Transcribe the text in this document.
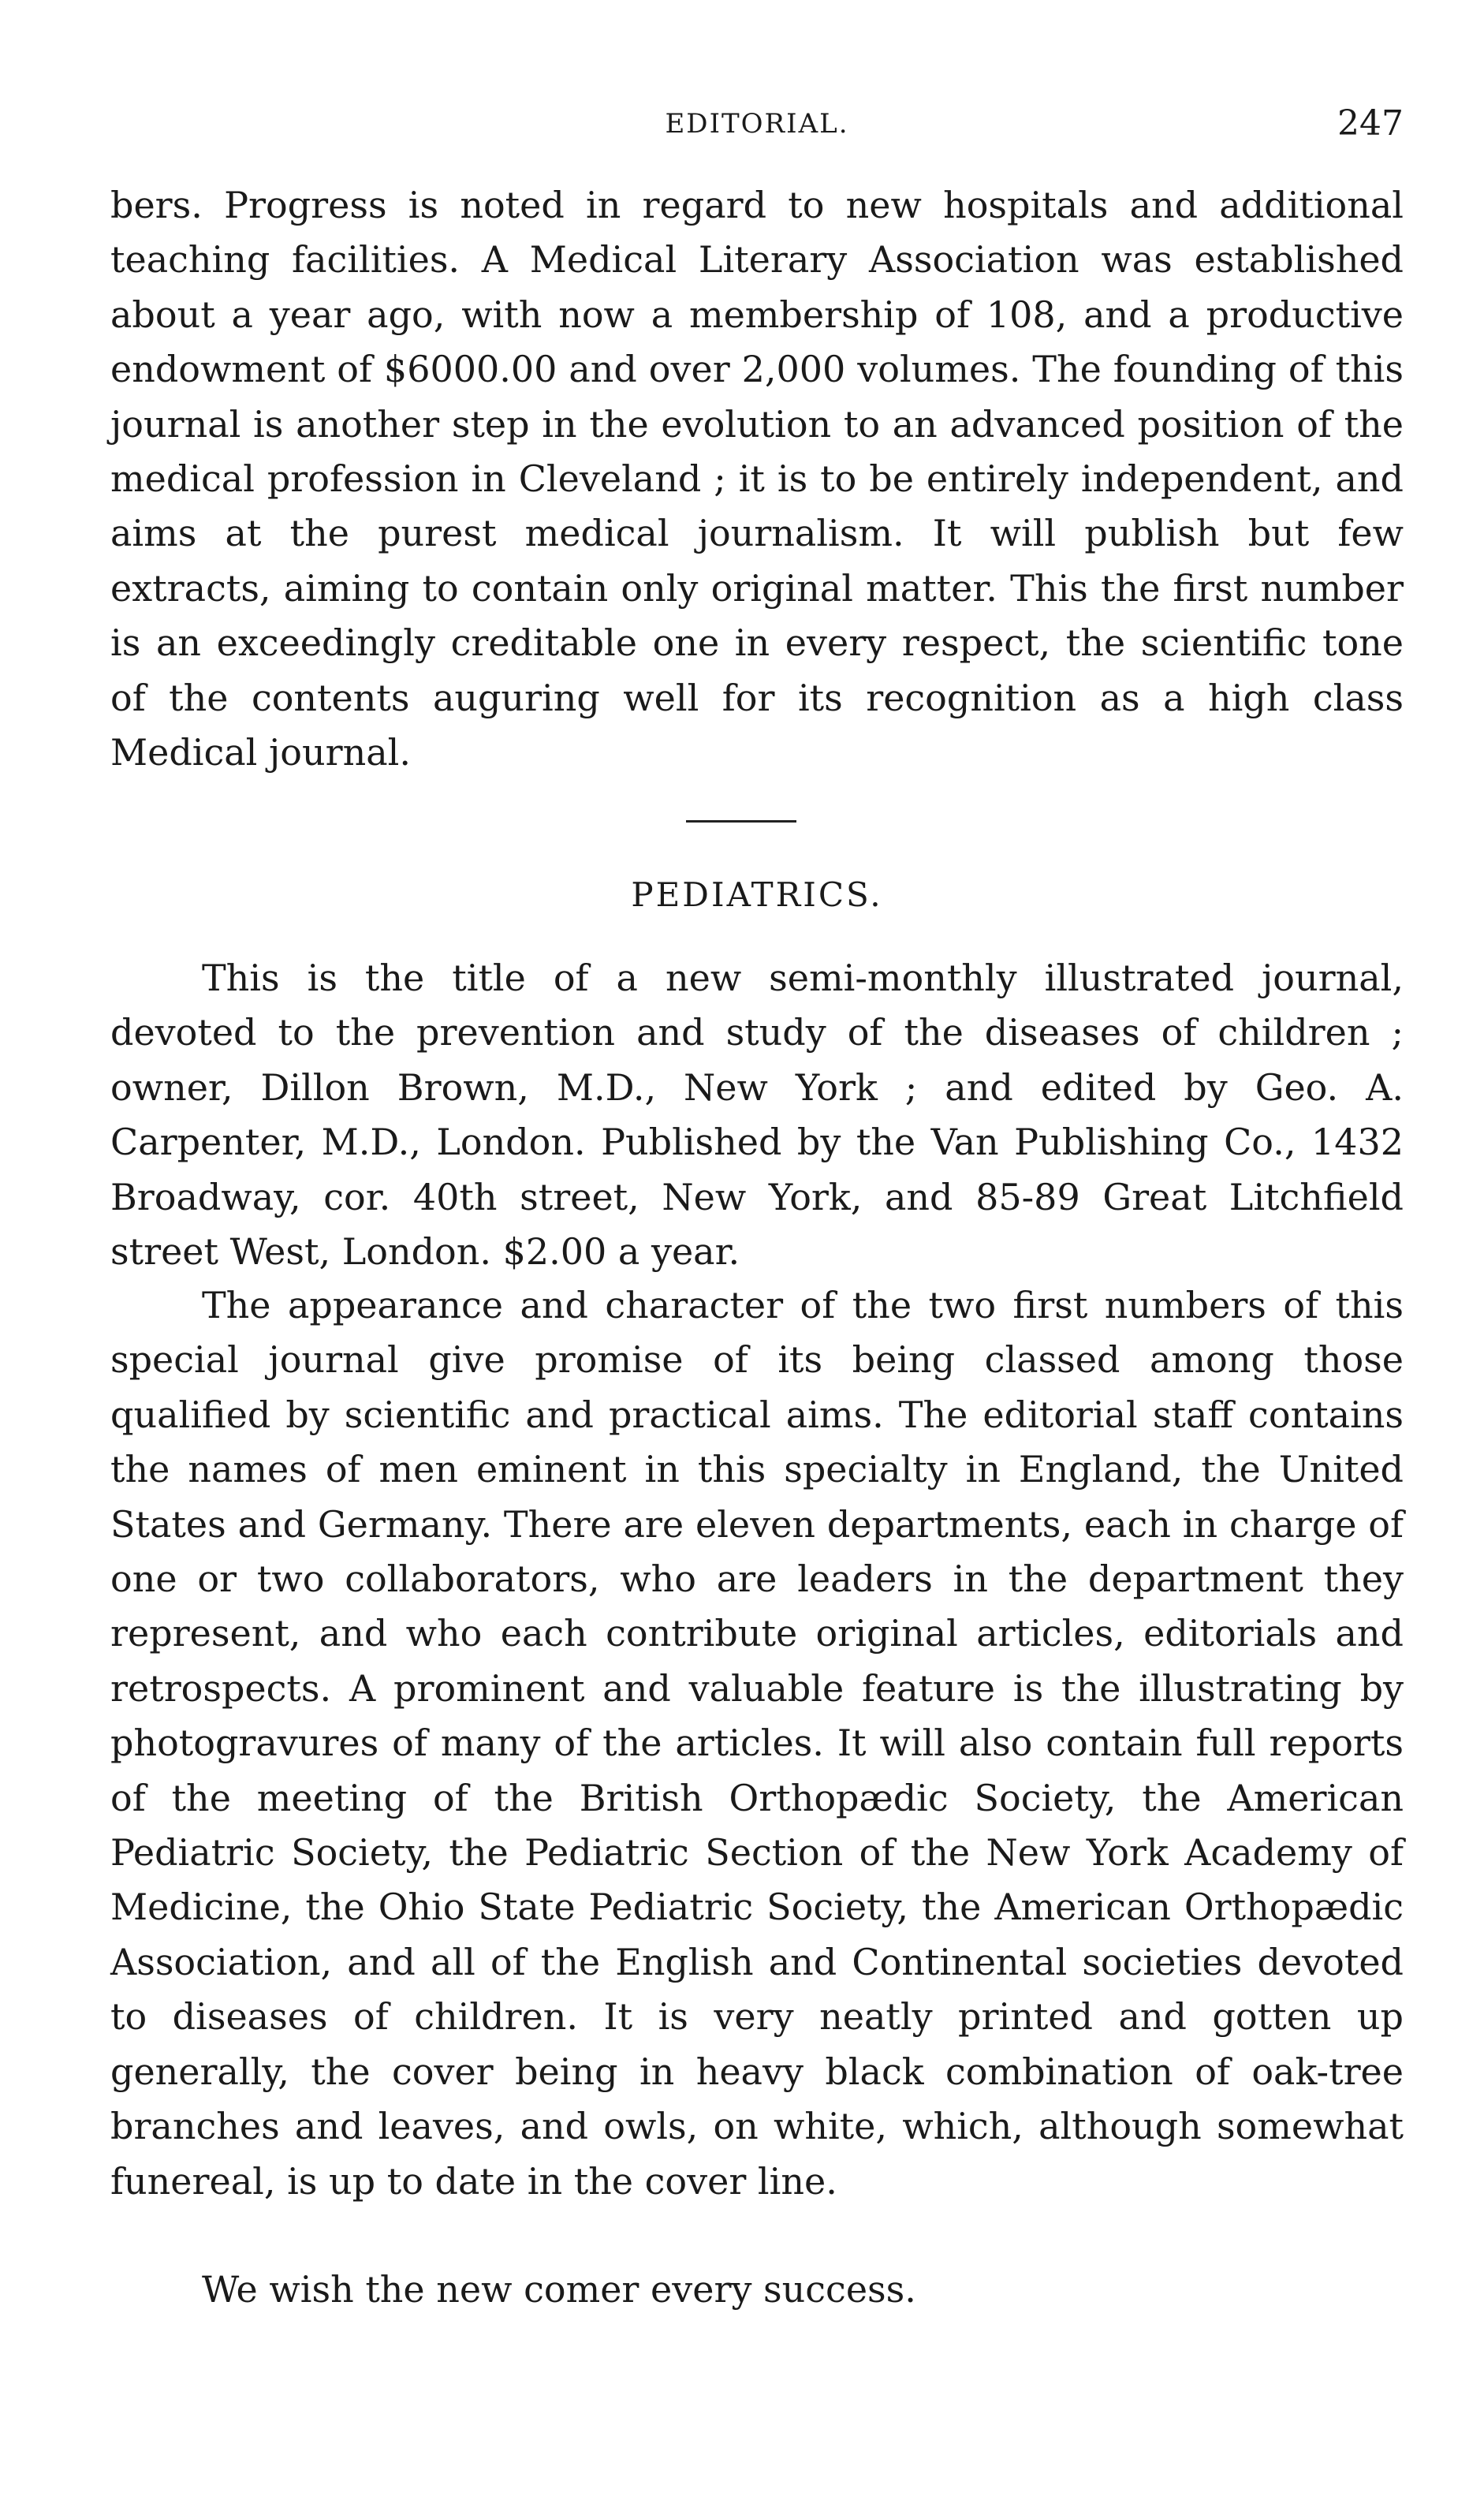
EDITORIAL.	247

bers. Progress is noted in regard to new hospitals and additional teaching facilities. A Medical Literary Association was established about a year ago, with now a membership of 108, and a productive endowment of $6000.00 and over 2,000 volumes. The founding of this journal is another step in the evolution to an advanced position of the medical profession in Cleveland ; it is to be entirely independent, and aims at the purest medical journalism. It will publish but few extracts, aiming to contain only original matter. This the first number is an exceedingly creditable one in every respect, the scientific tone of the contents auguring well for its recognition as a high class Medical journal.

PEDIATRICS.

This is the title of a new semi-monthly illustrated journal, devoted to the prevention and study of the diseases of children ; owner, Dillon Brown, M.D., New York ; and edited by Geo. A. Carpenter, M.D., London. Published by the Van Publishing Co., 1432 Broadway, cor. 40th street, New York, and 85-89 Great Litchfield street West, London. $2.00 a year.

The appearance and character of the two first numbers of this special journal give promise of its being classed among those qualified by scientific and practical aims. The editorial staff contains the names of men eminent in this specialty in England, the United States and Germany. There are eleven departments, each in charge of one or two collaborators, who are leaders in the department they represent, and who each contribute original articles, editorials and retrospects. A prominent and valuable feature is the illustrating by photogravures of many of the articles. It will also contain full reports of the meeting of the British Orthopædic Society, the American Pediatric Society, the Pediatric Section of the New York Academy of Medicine, the Ohio State Pediatric Society, the American Orthopædic Association, and all of the English and Continental societies devoted to diseases of children. It is very neatly printed and gotten up generally, the cover being in heavy black combination of oak-tree branches and leaves, and owls, on white, which, although somewhat funereal, is up to date in the cover line.

We wish the new comer every success.
